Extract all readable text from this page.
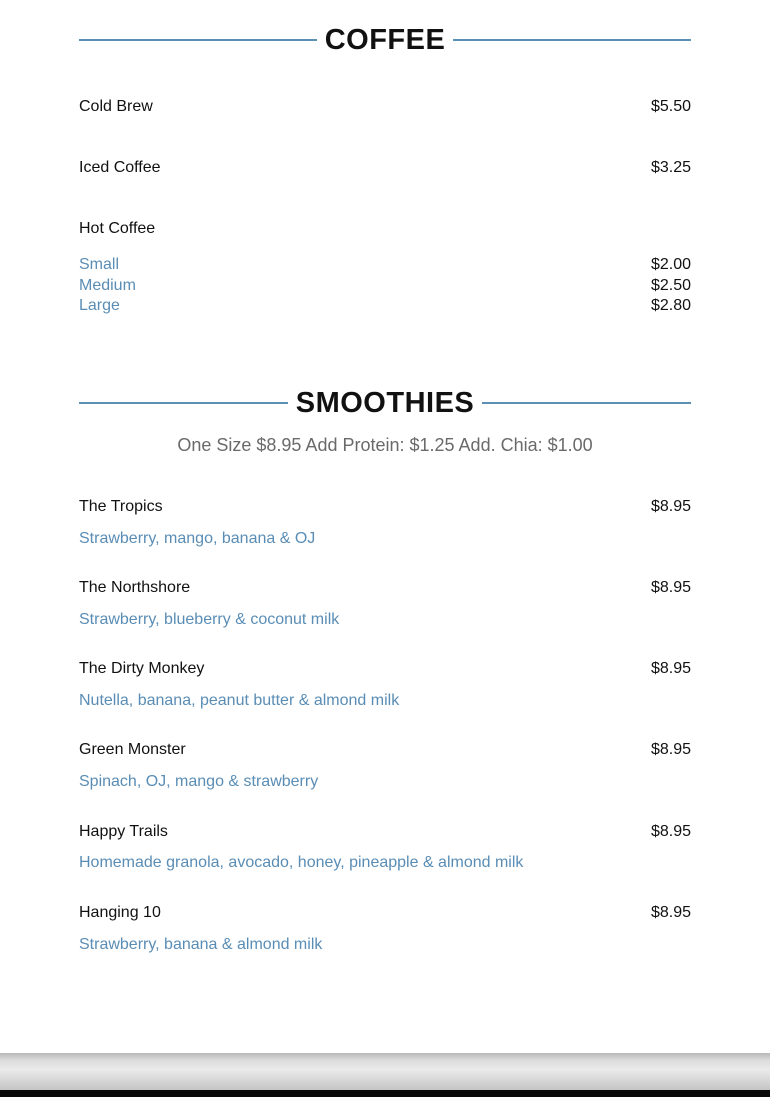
COFFEE
Cold Brew	$5.50
Iced Coffee	$3.25
Hot Coffee
Small	$2.00
Medium	$2.50
Large	$2.80
SMOOTHIES
One Size $8.95 Add Protein: $1.25 Add. Chia: $1.00
The Tropics	$8.95
Strawberry, mango, banana & OJ
The Northshore	$8.95
Strawberry, blueberry & coconut milk
The Dirty Monkey	$8.95
Nutella, banana, peanut butter & almond milk
Green Monster	$8.95
Spinach, OJ, mango & strawberry
Happy Trails	$8.95
Homemade granola, avocado, honey, pineapple & almond milk
Hanging 10	$8.95
Strawberry, banana & almond milk
